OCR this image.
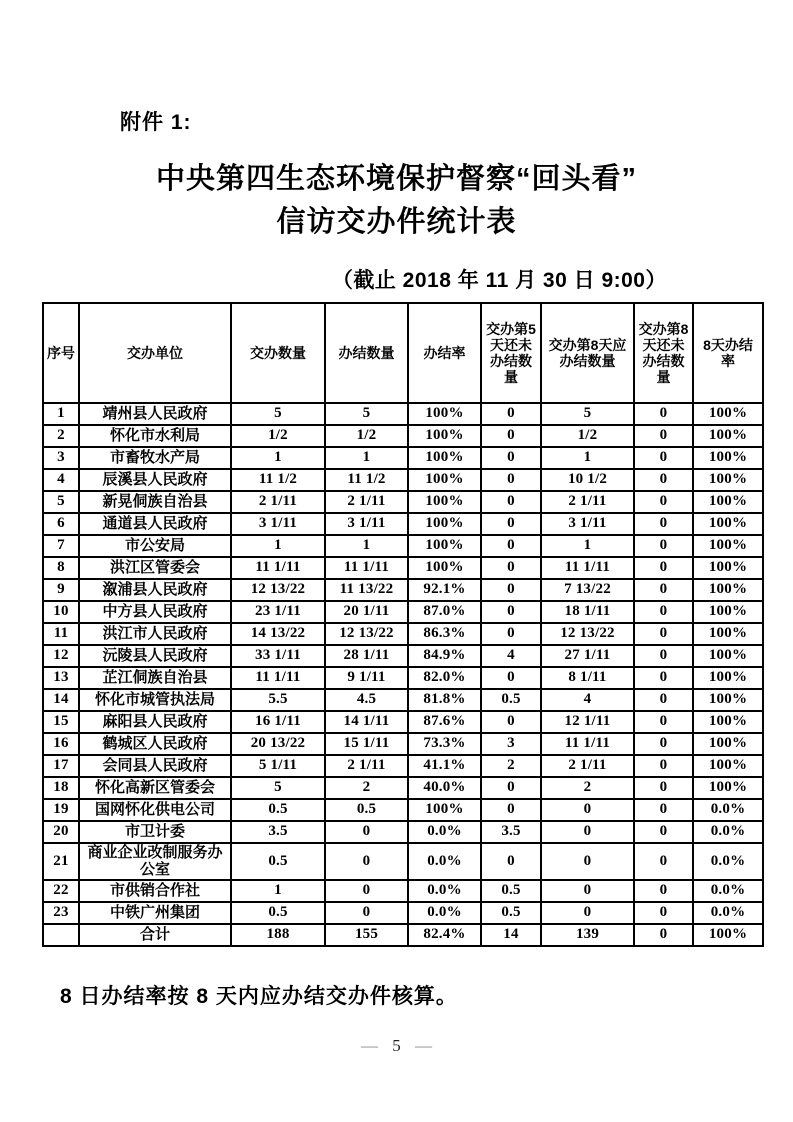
附件 1:
中央第四生态环境保护督察“回头看”
信访交办件统计表
（截止 2018 年 11 月 30 日 9:00）
序号	交办单位	交办数量	办结数量	办结率	交办第5天还未办结数量	交办第8天应办结数量	交办第8天还未办结数量	8天办结率
1	靖州县人民政府	5	5	100%	0	5	0	100%
2	怀化市水利局	1/2	1/2	100%	0	1/2	0	100%
3	市畜牧水产局	1	1	100%	0	1	0	100%
4	辰溪县人民政府	11 1/2	11 1/2	100%	0	10 1/2	0	100%
5	新晃侗族自治县	2 1/11	2 1/11	100%	0	2 1/11	0	100%
6	通道县人民政府	3 1/11	3 1/11	100%	0	3 1/11	0	100%
7	市公安局	1	1	100%	0	1	0	100%
8	洪江区管委会	11 1/11	11 1/11	100%	0	11 1/11	0	100%
9	溆浦县人民政府	12 13/22	11 13/22	92.1%	0	7 13/22	0	100%
10	中方县人民政府	23 1/11	20 1/11	87.0%	0	18 1/11	0	100%
11	洪江市人民政府	14 13/22	12 13/22	86.3%	0	12 13/22	0	100%
12	沅陵县人民政府	33 1/11	28 1/11	84.9%	4	27 1/11	0	100%
13	芷江侗族自治县	11 1/11	9 1/11	82.0%	0	8 1/11	0	100%
14	怀化市城管执法局	5.5	4.5	81.8%	0.5	4	0	100%
15	麻阳县人民政府	16 1/11	14 1/11	87.6%	0	12 1/11	0	100%
16	鹤城区人民政府	20 13/22	15 1/11	73.3%	3	11 1/11	0	100%
17	会同县人民政府	5 1/11	2 1/11	41.1%	2	2 1/11	0	100%
18	怀化高新区管委会	5	2	40.0%	0	2	0	100%
19	国网怀化供电公司	0.5	0.5	100%	0	0	0	0.0%
20	市卫计委	3.5	0	0.0%	3.5	0	0	0.0%
21	商业企业改制服务办公室	0.5	0	0.0%	0	0	0	0.0%
22	市供销合作社	1	0	0.0%	0.5	0	0	0.0%
23	中铁广州集团	0.5	0	0.0%	0.5	0	0	0.0%
	合计	188	155	82.4%	14	139	0	100%
8 日办结率按 8 天内应办结交办件核算。
— 5 —
